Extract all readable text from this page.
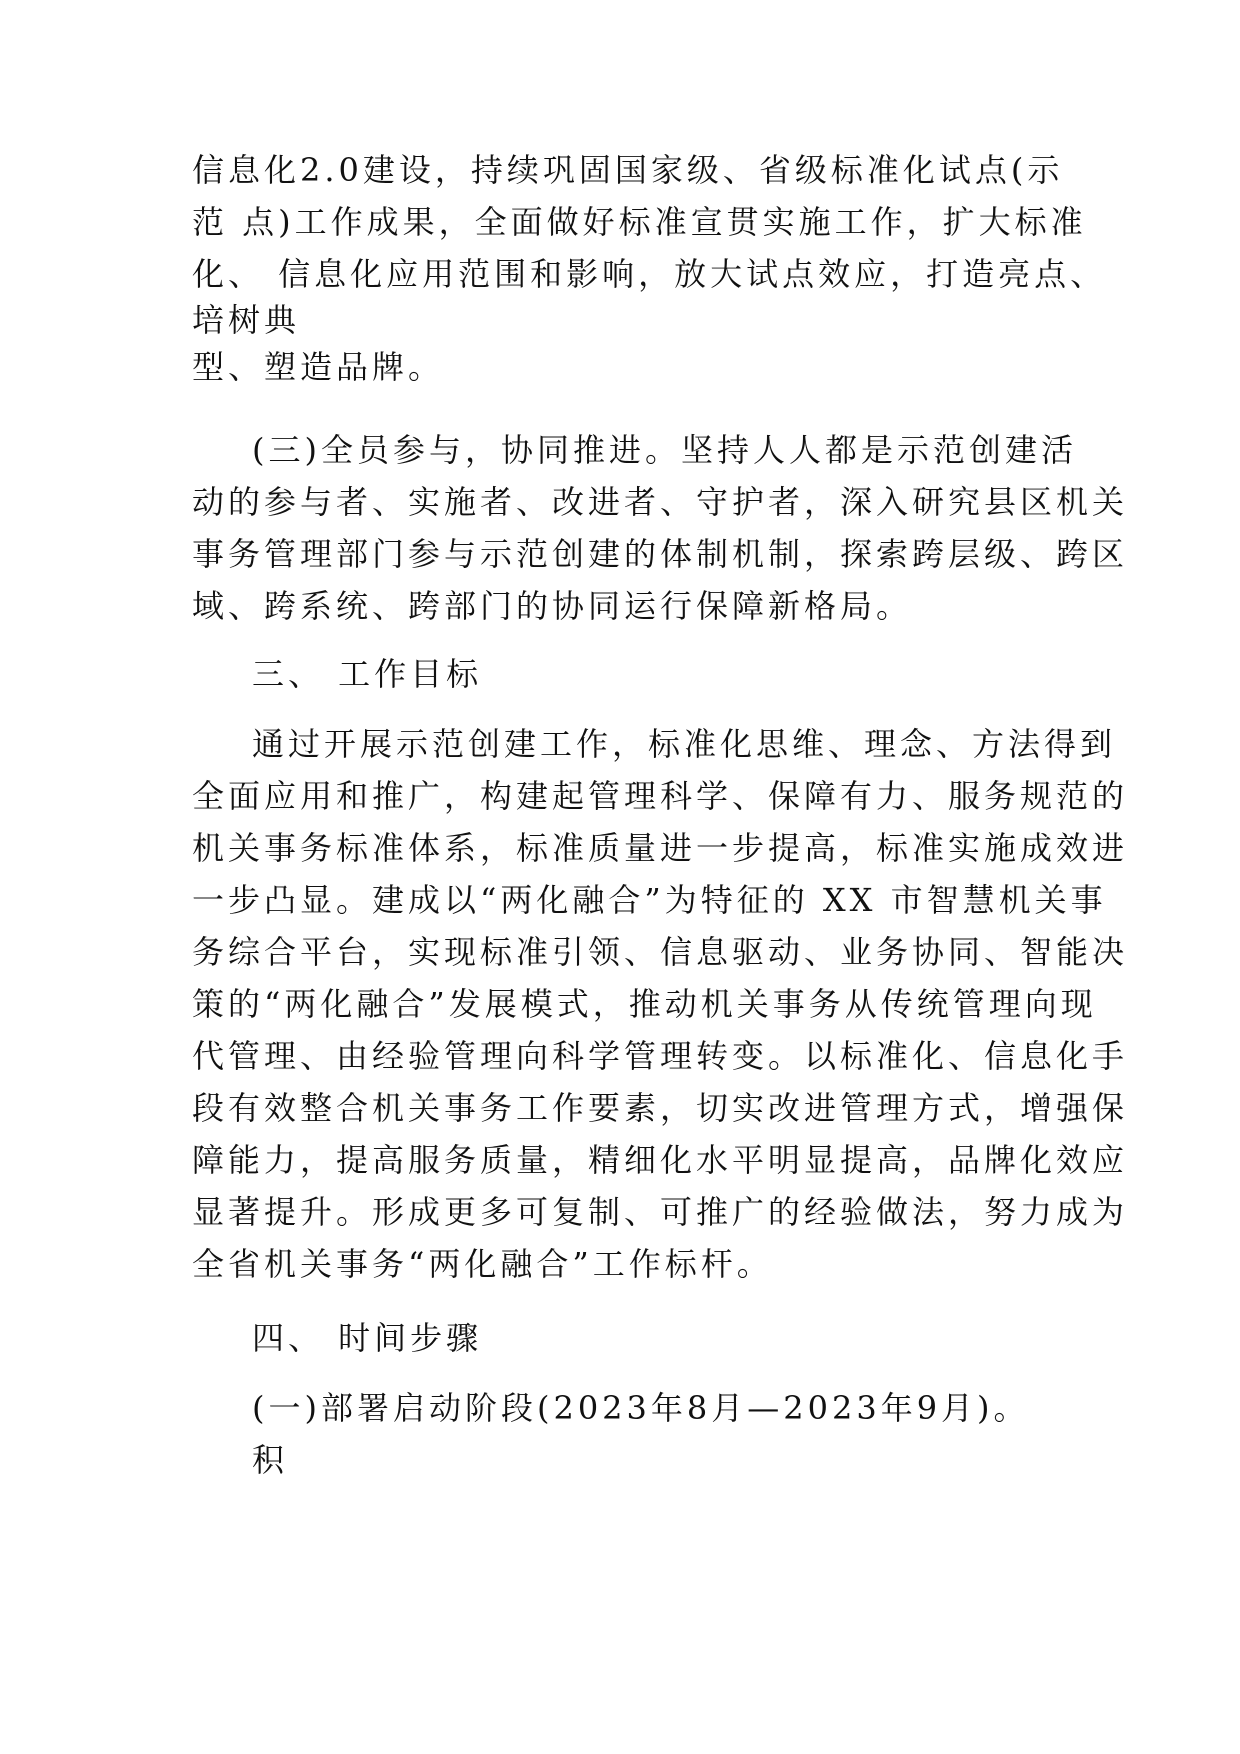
信息化2.0建设，持续巩固国家级、省级标准化试点(示

范 点)工作成果，全面做好标准宣贯实施工作，扩大标准

化、 信息化应用范围和影响，放大试点效应，打造亮点、

培树典

型、塑造品牌。

(三)全员参与，协同推进。坚持人人都是示范创建活

动的参与者、实施者、改进者、守护者，深入研究县区机关

事务管理部门参与示范创建的体制机制，探索跨层级、跨区

域、跨系统、跨部门的协同运行保障新格局。

三、 工作目标

通过开展示范创建工作，标准化思维、理念、方法得到

全面应用和推广，构建起管理科学、保障有力、服务规范的

机关事务标准体系，标准质量进一步提高，标准实施成效进

一步凸显。建成以“两化融合”为特征的 XX 市智慧机关事

务综合平台，实现标准引领、信息驱动、业务协同、智能决

策的“两化融合”发展模式，推动机关事务从传统管理向现

代管理、由经验管理向科学管理转变。以标准化、信息化手

段有效整合机关事务工作要素，切实改进管理方式，增强保

障能力，提高服务质量，精细化水平明显提高，品牌化效应

显著提升。形成更多可复制、可推广的经验做法，努力成为

全省机关事务“两化融合”工作标杆。

四、 时间步骤

(一)部署启动阶段(2023年8月—2023年9月)。

积
